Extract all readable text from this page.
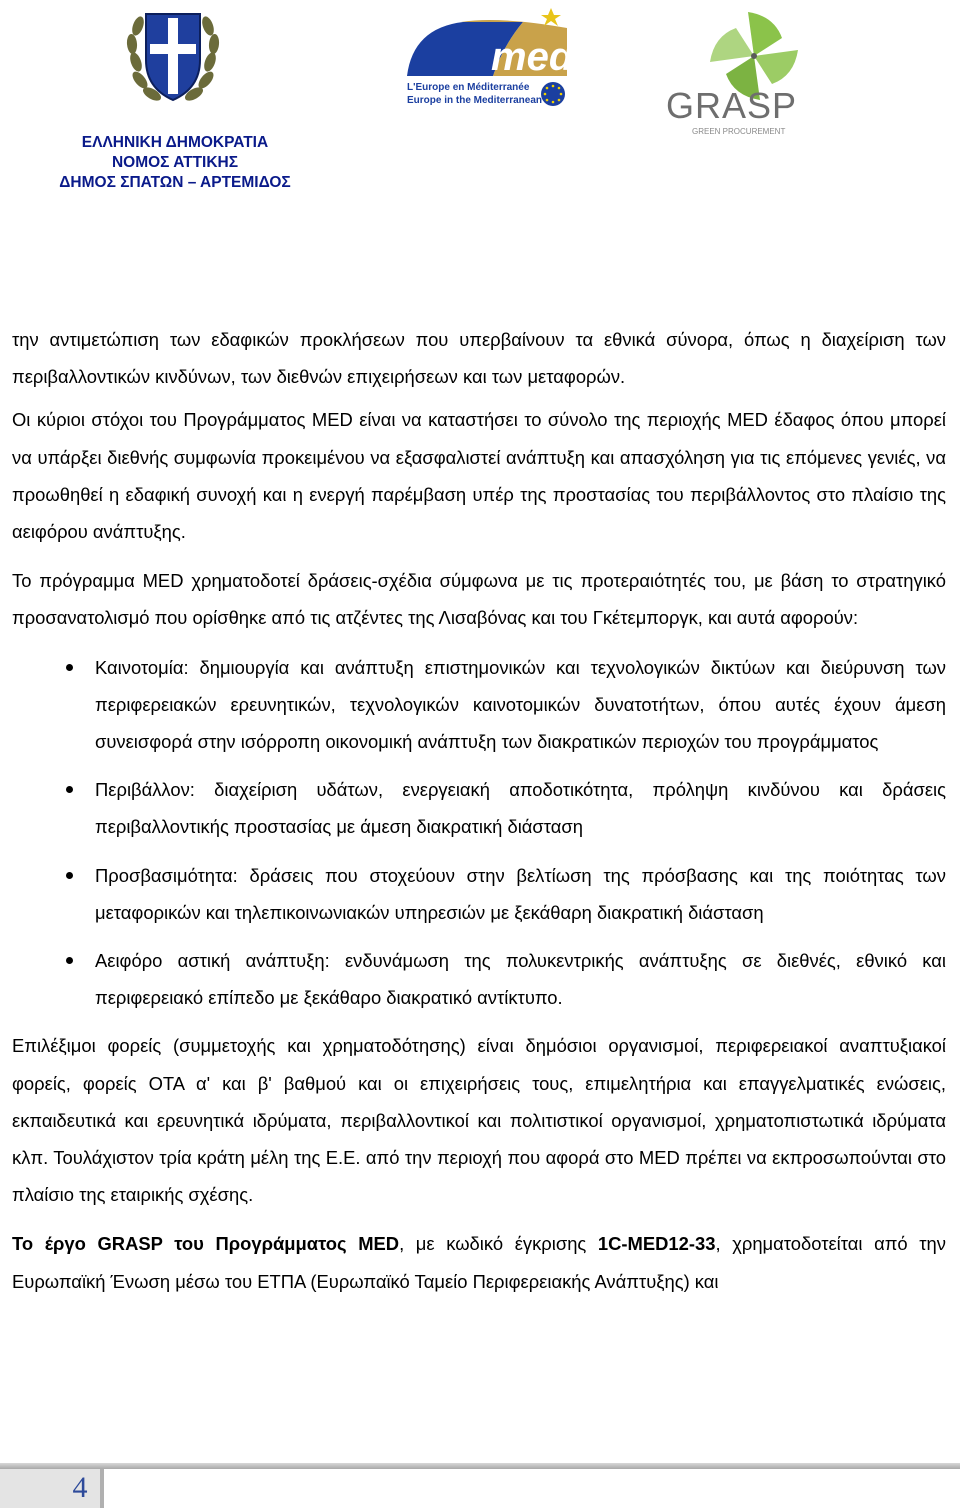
med
L'Europe en Méditerranée
Europe in the Mediterranean	GRASP
GREEN PROCUREMENT
ΕΛΛΗΝΙΚΗ ΔΗΜΟΚΡΑΤΙΑ
ΝΟΜΟΣ ΑΤΤΙΚΗΣ
ΔΗΜΟΣ ΣΠΑΤΩΝ – ΑΡΤΕΜΙΔΟΣ

την αντιμετώπιση των εδαφικών προκλήσεων που υπερβαίνουν τα εθνικά σύνορα, όπως η διαχείριση των περιβαλλοντικών κινδύνων, των διεθνών επιχειρήσεων και των μεταφορών.

Οι κύριοι στόχοι του Προγράμματος MED είναι να καταστήσει το σύνολο της περιοχής MED έδαφος όπου μπορεί να υπάρξει διεθνής συμφωνία προκειμένου να εξασφαλιστεί ανάπτυξη και απασχόληση για τις επόμενες γενιές, να προωθηθεί η εδαφική συνοχή και η ενεργή παρέμβαση υπέρ της προστασίας του περιβάλλοντος στο πλαίσιο της αειφόρου ανάπτυξης.

Το πρόγραμμα MED χρηματοδοτεί δράσεις-σχέδια σύμφωνα με τις προτεραιότητές του, με βάση το στρατηγικό προσανατολισμό που ορίσθηκε από τις ατζέντες της Λισαβόνας και του Γκέτεμποργκ, και αυτά αφορούν:

Καινοτομία: δημιουργία και ανάπτυξη επιστημονικών και τεχνολογικών δικτύων και διεύρυνση των περιφερειακών ερευνητικών, τεχνολογικών καινοτομικών δυνατοτήτων, όπου αυτές έχουν άμεση συνεισφορά στην ισόρροπη οικονομική ανάπτυξη των διακρατικών περιοχών του προγράμματος
Περιβάλλον: διαχείριση υδάτων, ενεργειακή αποδοτικότητα, πρόληψη κινδύνου και δράσεις περιβαλλοντικής προστασίας με άμεση διακρατική διάσταση
Προσβασιμότητα: δράσεις που στοχεύουν στην βελτίωση της πρόσβασης και της ποιότητας των μεταφορικών και τηλεπικοινωνιακών υπηρεσιών με ξεκάθαρη διακρατική διάσταση
Αειφόρο αστική ανάπτυξη: ενδυνάμωση της πολυκεντρικής ανάπτυξης σε διεθνές, εθνικό και περιφερειακό επίπεδο με ξεκάθαρο διακρατικό αντίκτυπο.

Επιλέξιμοι φορείς (συμμετοχής και χρηματοδότησης) είναι δημόσιοι οργανισμοί, περιφερειακοί αναπτυξιακοί φορείς, φορείς ΟΤΑ α' και β' βαθμού και οι επιχειρήσεις τους, επιμελητήρια και επαγγελματικές ενώσεις, εκπαιδευτικά και ερευνητικά ιδρύματα, περιβαλλοντικοί και πολιτιστικοί οργανισμοί, χρηματοπιστωτικά ιδρύματα κλπ. Τουλάχιστον τρία κράτη μέλη της Ε.Ε. από την περιοχή που αφορά στο MED πρέπει να εκπροσωπούνται στο πλαίσιο της εταιρικής σχέσης.

Το έργο GRASP του Προγράμματος MED, με κωδικό έγκρισης 1C-MED12-33, χρηματοδοτείται από την Ευρωπαϊκή Ένωση μέσω του ΕΤΠΑ (Ευρωπαϊκό Ταμείο Περιφερειακής Ανάπτυξης) και

4
